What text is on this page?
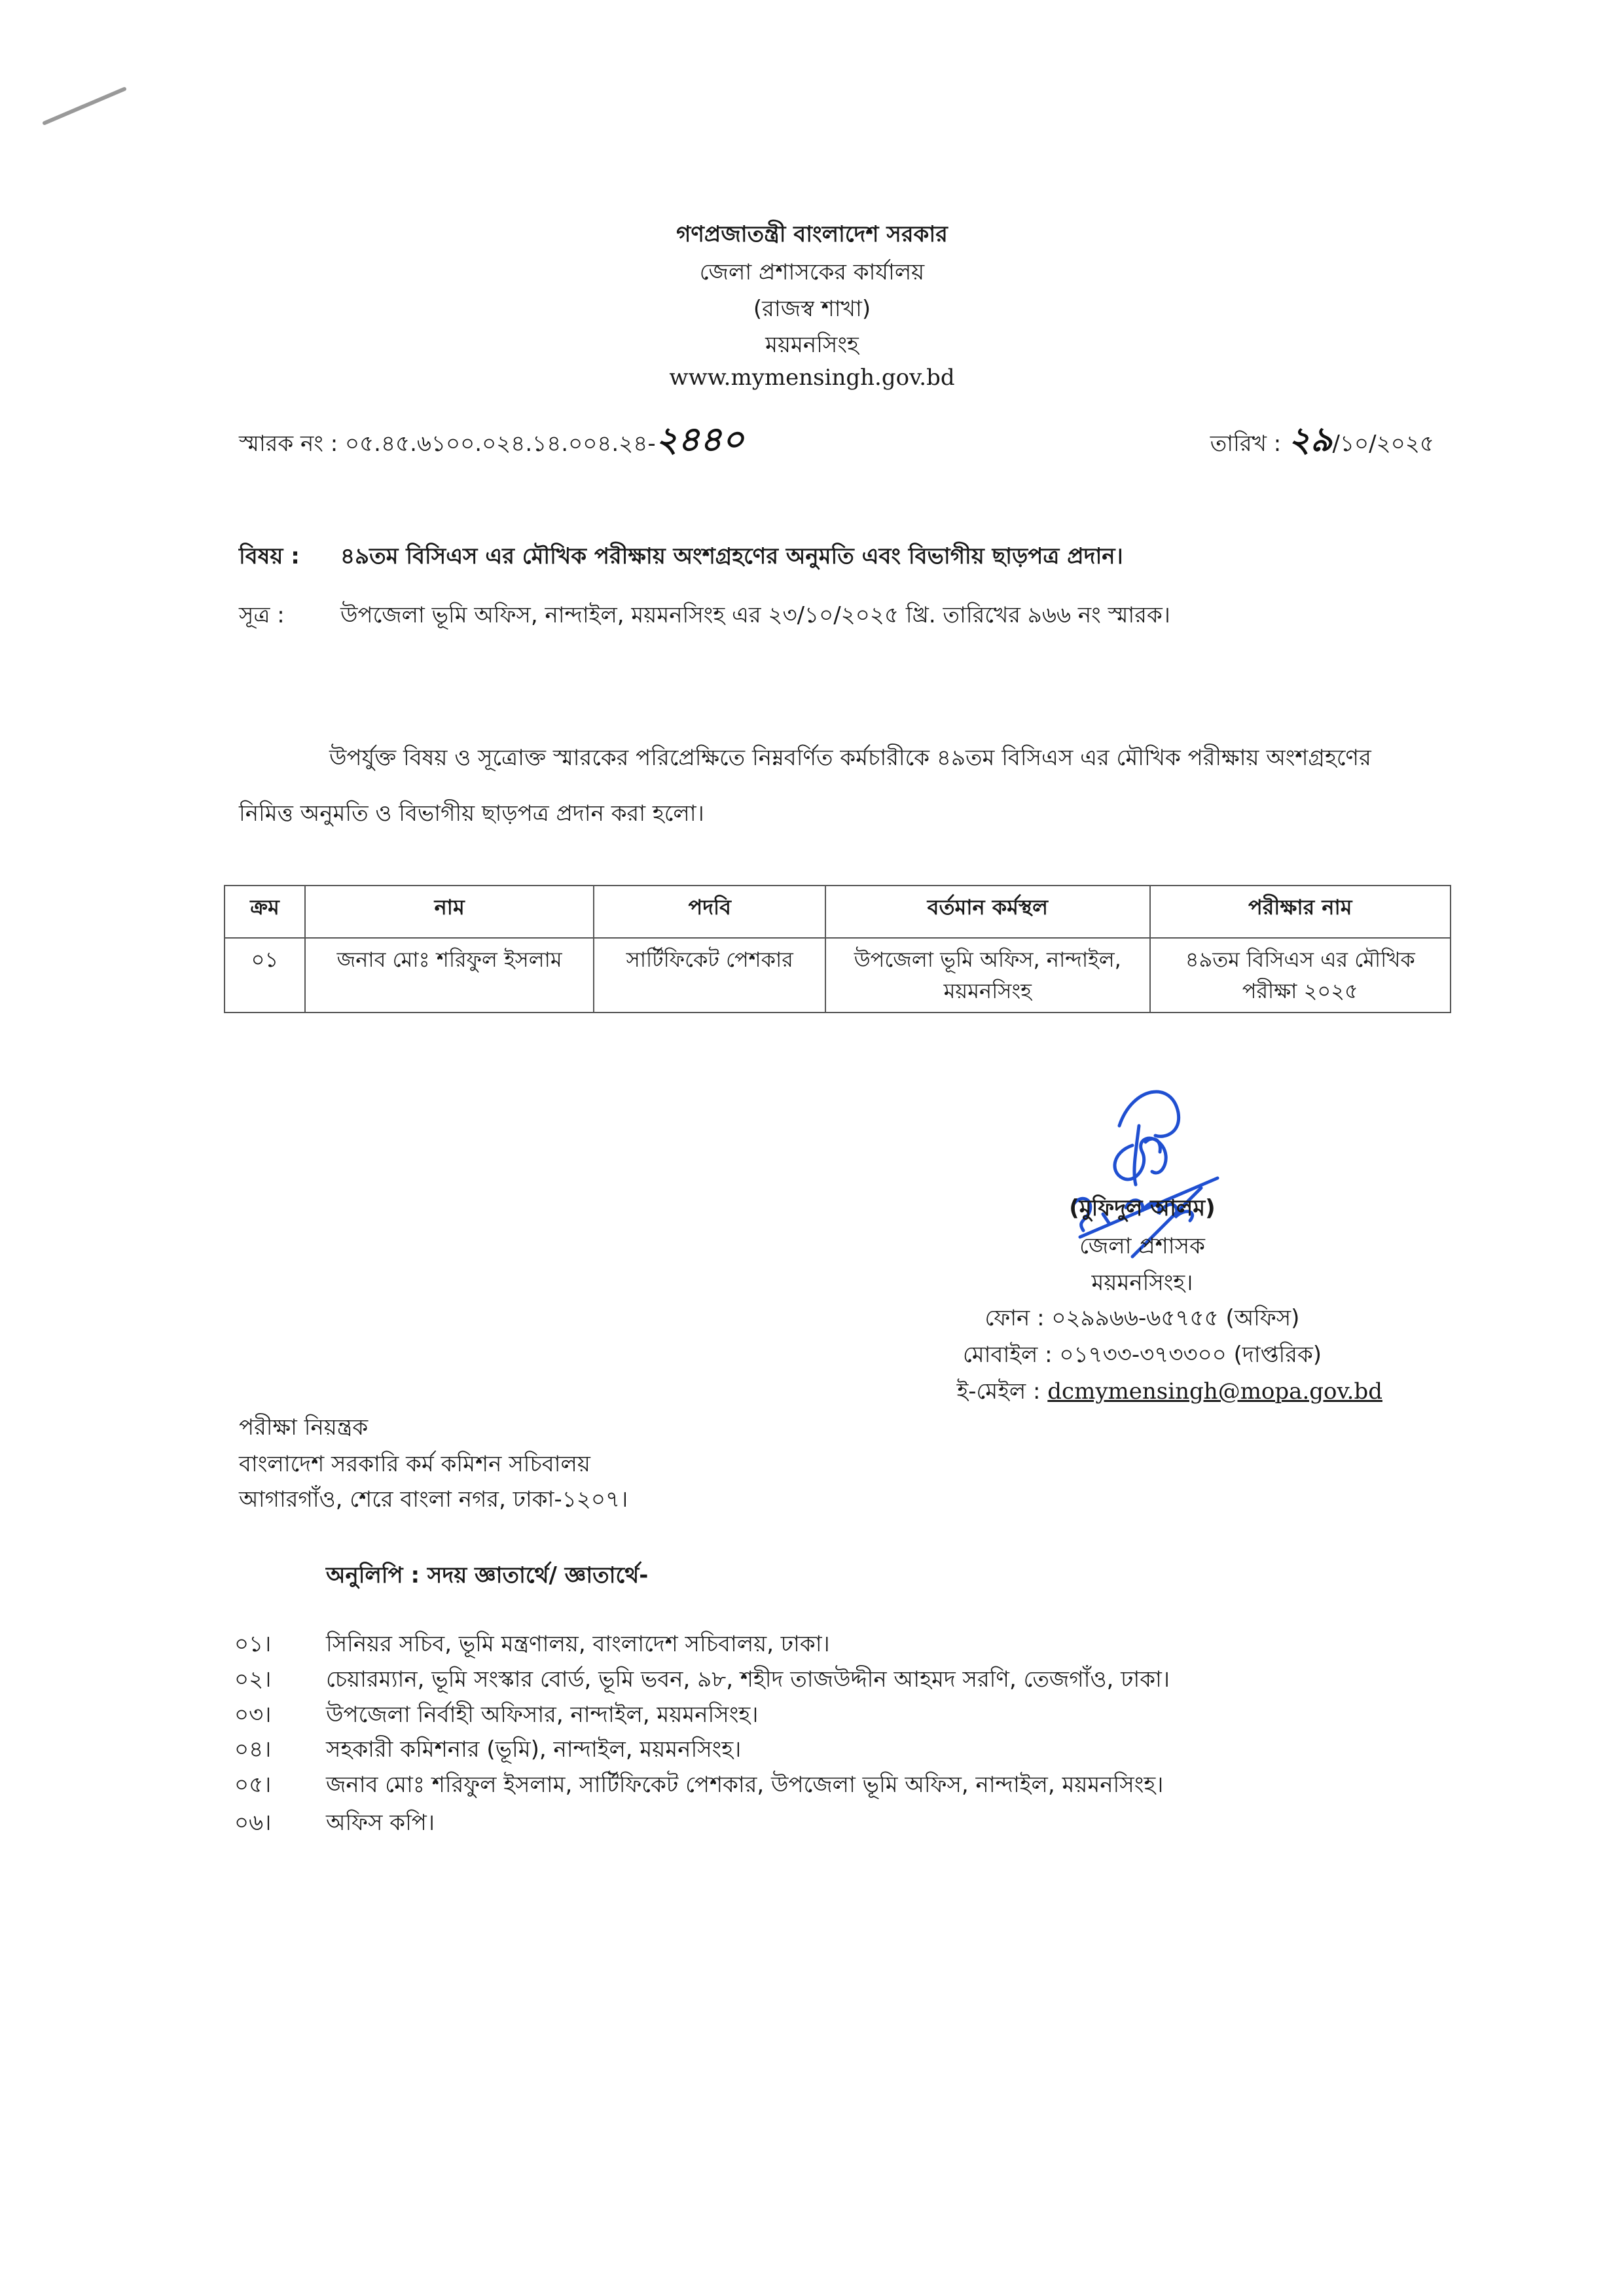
গণপ্রজাতন্ত্রী বাংলাদেশ সরকার
জেলা প্রশাসকের কার্যালয়
(রাজস্ব শাখা)
ময়মনসিংহ
www.mymensingh.gov.bd
স্মারক নং : ০৫.৪৫.৬১০০.০২৪.১৪.০০৪.২৪-২৪৪০	তারিখ : ২৯/১০/২০২৫
বিষয় : ৪৯তম বিসিএস এর মৌখিক পরীক্ষায় অংশগ্রহণের অনুমতি এবং বিভাগীয় ছাড়পত্র প্রদান।
সূত্র :	উপজেলা ভূমি অফিস, নান্দাইল, ময়মনসিংহ এর ২৩/১০/২০২৫ খ্রি. তারিখের ৯৬৬ নং স্মারক।
উপর্যুক্ত বিষয় ও সূত্রোক্ত স্মারকের পরিপ্রেক্ষিতে নিম্নবর্ণিত কর্মচারীকে ৪৯তম বিসিএস এর মৌখিক পরীক্ষায় অংশগ্রহণের
নিমিত্ত অনুমতি ও বিভাগীয় ছাড়পত্র প্রদান করা হলো।
ক্রম	নাম	পদবি	বর্তমান কর্মস্থল	পরীক্ষার নাম
০১	জনাব মোঃ শরিফুল ইসলাম	সার্টিফিকেট পেশকার	উপজেলা ভূমি অফিস, নান্দাইল, ময়মনসিংহ	৪৯তম বিসিএস এর মৌখিক পরীক্ষা ২০২৫
(মুফিদুল আলম)
জেলা প্রশাসক
ময়মনসিংহ।
ফোন : ০২৯৯৬৬-৬৫৭৫৫ (অফিস)
মোবাইল : ০১৭৩৩-৩৭৩৩০০ (দাপ্তরিক)
ই-মেইল : dcmymensingh@mopa.gov.bd
পরীক্ষা নিয়ন্ত্রক
বাংলাদেশ সরকারি কর্ম কমিশন সচিবালয়
আগারগাঁও, শেরে বাংলা নগর, ঢাকা-১২০৭।
অনুলিপি : সদয় জ্ঞাতার্থে/ জ্ঞাতার্থে-
০১। সিনিয়র সচিব, ভূমি মন্ত্রণালয়, বাংলাদেশ সচিবালয়, ঢাকা।
০২। চেয়ারম্যান, ভূমি সংস্কার বোর্ড, ভূমি ভবন, ৯৮, শহীদ তাজউদ্দীন আহমদ সরণি, তেজগাঁও, ঢাকা।
০৩। উপজেলা নির্বাহী অফিসার, নান্দাইল, ময়মনসিংহ।
০৪। সহকারী কমিশনার (ভূমি), নান্দাইল, ময়মনসিংহ।
০৫। জনাব মোঃ শরিফুল ইসলাম, সার্টিফিকেট পেশকার, উপজেলা ভূমি অফিস, নান্দাইল, ময়মনসিংহ।
০৬। অফিস কপি।
